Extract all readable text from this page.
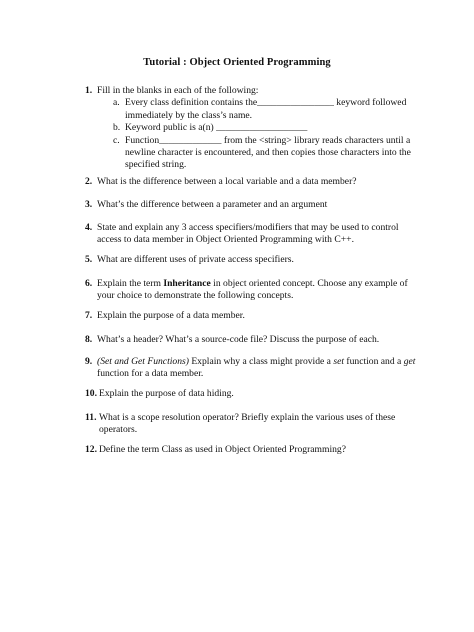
Tutorial : Object Oriented Programming
1. Fill in the blanks in each of the following:
a. Every class definition contains the________________ keyword followed immediately by the class’s name.
b. Keyword public is a(n) ___________________
c. Function_____________ from the <string> library reads characters until a newline character is encountered, and then copies those characters into the specified string.
2. What is the difference between a local variable and a data member?
3. What’s the difference between a parameter and an argument
4. State and explain any 3 access specifiers/modifiers that may be used to control access to data member in Object Oriented Programming with C++.
5. What are different uses of private access specifiers.
6. Explain the term Inheritance in object oriented concept. Choose any example of your choice to demonstrate the following concepts.
7. Explain the purpose of a data member.
8. What’s a header? What’s a source-code file? Discuss the purpose of each.
9. (Set and Get Functions) Explain why a class might provide a set function and a get function for a data member.
10. Explain the purpose of data hiding.
11. What is a scope resolution operator? Briefly explain the various uses of these operators.
12. Define the term Class as used in Object Oriented Programming?
